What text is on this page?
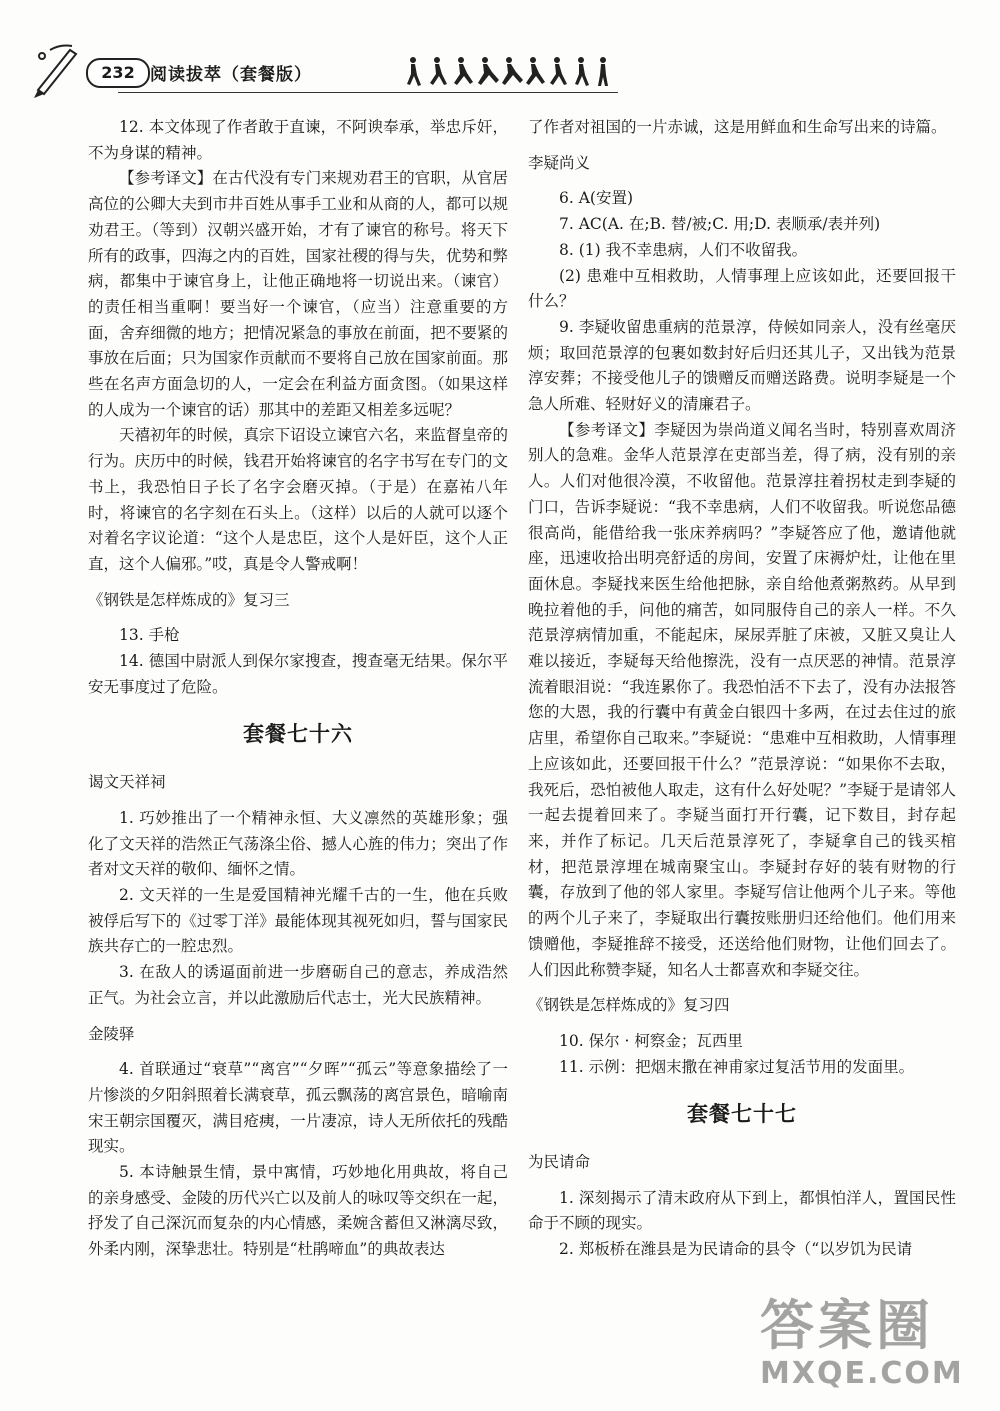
232 阅读拔萃（套餐版）

12. 本文体现了作者敢于直谏，不阿谀奉承，举忠斥奸，不为身谋的精神。

【参考译文】在古代没有专门来规劝君王的官职，从官居高位的公卿大夫到市井百姓从事手工业和从商的人，都可以规劝君王。（等到）汉朝兴盛开始，才有了谏官的称号。将天下所有的政事，四海之内的百姓，国家社稷的得与失，优势和弊病，都集中于谏官身上，让他正确地将一切说出来。（谏官）的责任相当重啊！要当好一个谏官，（应当）注意重要的方面，舍弃细微的地方；把情况紧急的事放在前面，把不要紧的事放在后面；只为国家作贡献而不要将自己放在国家前面。那些在名声方面急切的人，一定会在利益方面贪图。（如果这样的人成为一个谏官的话）那其中的差距又相差多远呢？

天禧初年的时候，真宗下诏设立谏官六名，来监督皇帝的行为。庆历中的时候，钱君开始将谏官的名字书写在专门的文书上，我恐怕日子长了名字会磨灭掉。（于是）在嘉祐八年时，将谏官的名字刻在石头上。（这样）以后的人就可以逐个对着名字议论道：“这个人是忠臣，这个人是奸臣，这个人正直，这个人偏邪。”哎，真是令人警戒啊！

《钢铁是怎样炼成的》复习三

13. 手枪

14. 德国中尉派人到保尔家搜查，搜查毫无结果。保尔平安无事度过了危险。

套餐七十六

谒文天祥祠

1. 巧妙推出了一个精神永恒、大义凛然的英雄形象；强化了文天祥的浩然正气荡涤尘俗、撼人心旌的伟力；突出了作者对文天祥的敬仰、缅怀之情。

2. 文天祥的一生是爱国精神光耀千古的一生，他在兵败被俘后写下的《过零丁洋》最能体现其视死如归，誓与国家民族共存亡的一腔忠烈。

3. 在敌人的诱逼面前进一步磨砺自己的意志，养成浩然正气。为社会立言，并以此激励后代志士，光大民族精神。

金陵驿

4. 首联通过“衰草”“离宫”“夕晖”“孤云”等意象描绘了一片惨淡的夕阳斜照着长满衰草，孤云飘荡的离宫景色，暗喻南宋王朝宗国覆灭，满目疮痍，一片凄凉，诗人无所依托的残酷现实。

5. 本诗触景生情，景中寓情，巧妙地化用典故，将自己的亲身感受、金陵的历代兴亡以及前人的咏叹等交织在一起，抒发了自己深沉而复杂的内心情感，柔婉含蓄但又淋漓尽致，外柔内刚，深挚悲壮。特别是“杜鹃啼血”的典故表达

了作者对祖国的一片赤诚，这是用鲜血和生命写出来的诗篇。

李疑尚义

6. A(安置)

7. AC(A. 在;B. 替/被;C. 用;D. 表顺承/表并列)

8. (1) 我不幸患病，人们不收留我。

(2) 患难中互相救助，人情事理上应该如此，还要回报干什么？

9. 李疑收留患重病的范景淳，侍候如同亲人，没有丝毫厌烦；取回范景淳的包裹如数封好后归还其儿子，又出钱为范景淳安葬；不接受他儿子的馈赠反而赠送路费。说明李疑是一个急人所难、轻财好义的清廉君子。

【参考译文】李疑因为崇尚道义闻名当时，特别喜欢周济别人的急难。金华人范景淳在吏部当差，得了病，没有别的亲人。人们对他很冷漠，不收留他。范景淳拄着拐杖走到李疑的门口，告诉李疑说：“我不幸患病，人们不收留我。听说您品德很高尚，能借给我一张床养病吗？”李疑答应了他，邀请他就座，迅速收拾出明亮舒适的房间，安置了床褥炉灶，让他在里面休息。李疑找来医生给他把脉，亲自给他煮粥熬药。从早到晚拉着他的手，问他的痛苦，如同服侍自己的亲人一样。不久范景淳病情加重，不能起床，屎尿弄脏了床被，又脏又臭让人难以接近，李疑每天给他擦洗，没有一点厌恶的神情。范景淳流着眼泪说：“我连累你了。我恐怕活不下去了，没有办法报答您的大恩，我的行囊中有黄金白银四十多两，在过去住过的旅店里，希望你自己取来。”李疑说：“患难中互相救助，人情事理上应该如此，还要回报干什么？”范景淳说：“如果你不去取，我死后，恐怕被他人取走，这有什么好处呢？”李疑于是请邻人一起去提着回来了。李疑当面打开行囊，记下数目，封存起来，并作了标记。几天后范景淳死了，李疑拿自己的钱买棺材，把范景淳埋在城南聚宝山。李疑封存好的装有财物的行囊，存放到了他的邻人家里。李疑写信让他两个儿子来。等他的两个儿子来了，李疑取出行囊按账册归还给他们。他们用来馈赠他，李疑推辞不接受，还送给他们财物，让他们回去了。人们因此称赞李疑，知名人士都喜欢和李疑交往。

《钢铁是怎样炼成的》复习四

10. 保尔 · 柯察金；瓦西里

11. 示例：把烟末撒在神甫家过复活节用的发面里。

套餐七十七

为民请命

1. 深刻揭示了清末政府从下到上，都惧怕洋人，置国民性命于不顾的现实。

2. 郑板桥在潍县是为民请命的县令（“以岁饥为民请

答案圈
MXQE.COM
